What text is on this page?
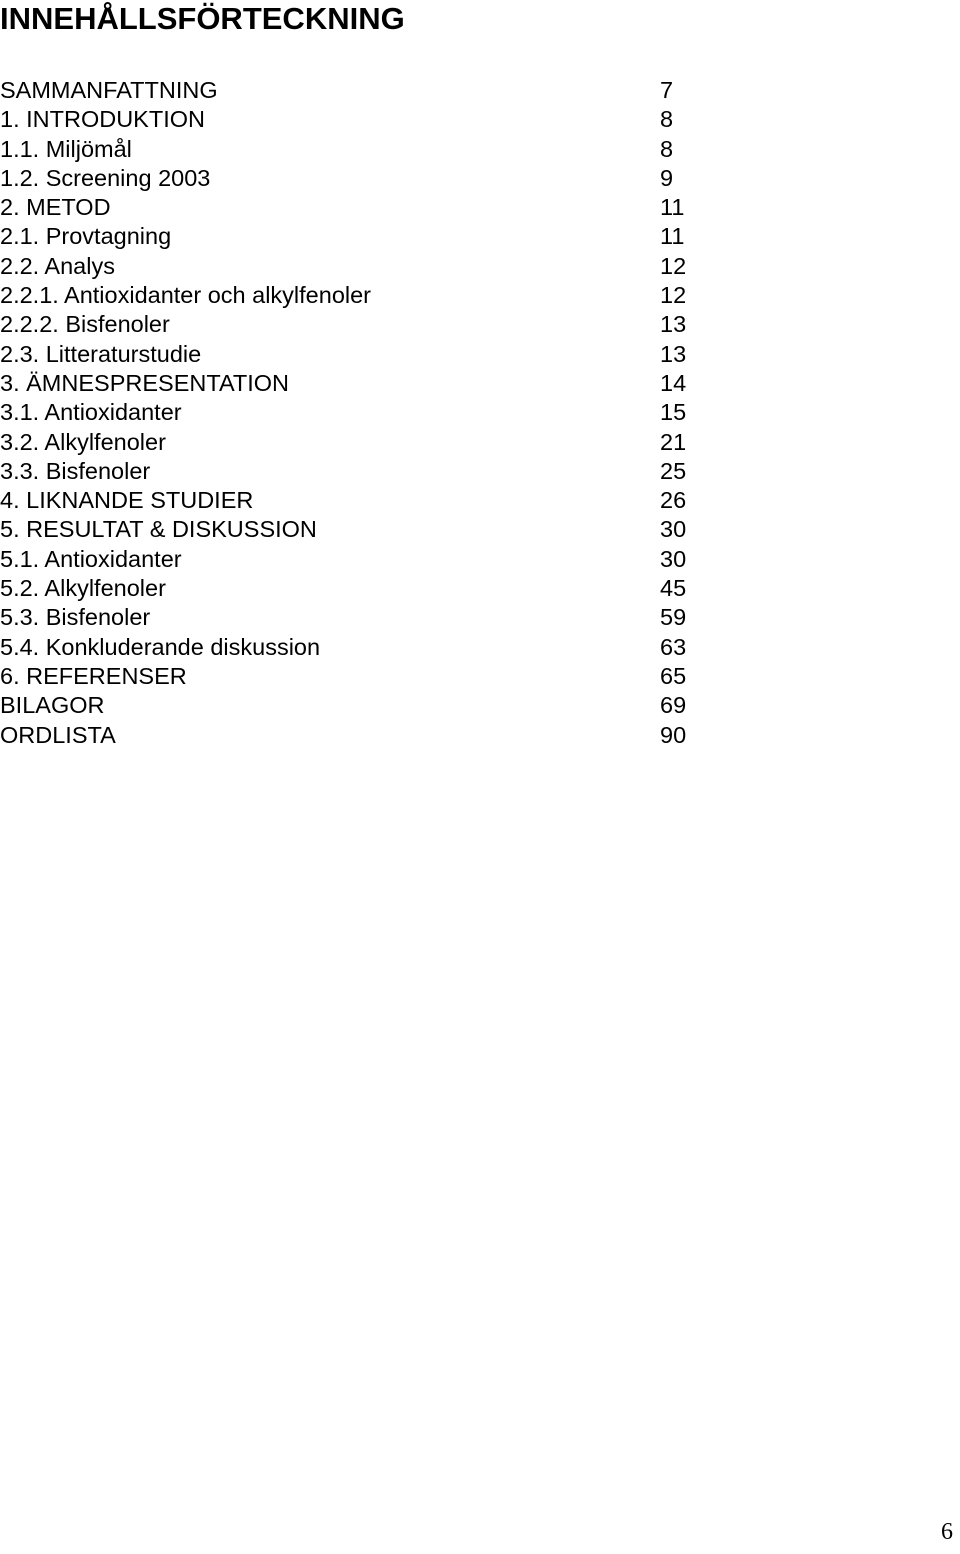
INNEHÅLLSFÖRTECKNING
SAMMANFATTNING	7
1. INTRODUKTION	8
1.1. Miljömål	8
1.2. Screening 2003	9
2. METOD	11
2.1. Provtagning	11
2.2. Analys	12
2.2.1. Antioxidanter och alkylfenoler	12
2.2.2. Bisfenoler	13
2.3. Litteraturstudie	13
3. ÄMNESPRESENTATION	14
3.1. Antioxidanter	15
3.2. Alkylfenoler	21
3.3. Bisfenoler	25
4. LIKNANDE STUDIER	26
5. RESULTAT & DISKUSSION	30
5.1. Antioxidanter	30
5.2. Alkylfenoler	45
5.3. Bisfenoler	59
5.4. Konkluderande diskussion	63
6. REFERENSER	65
BILAGOR	69
ORDLISTA	90
6
